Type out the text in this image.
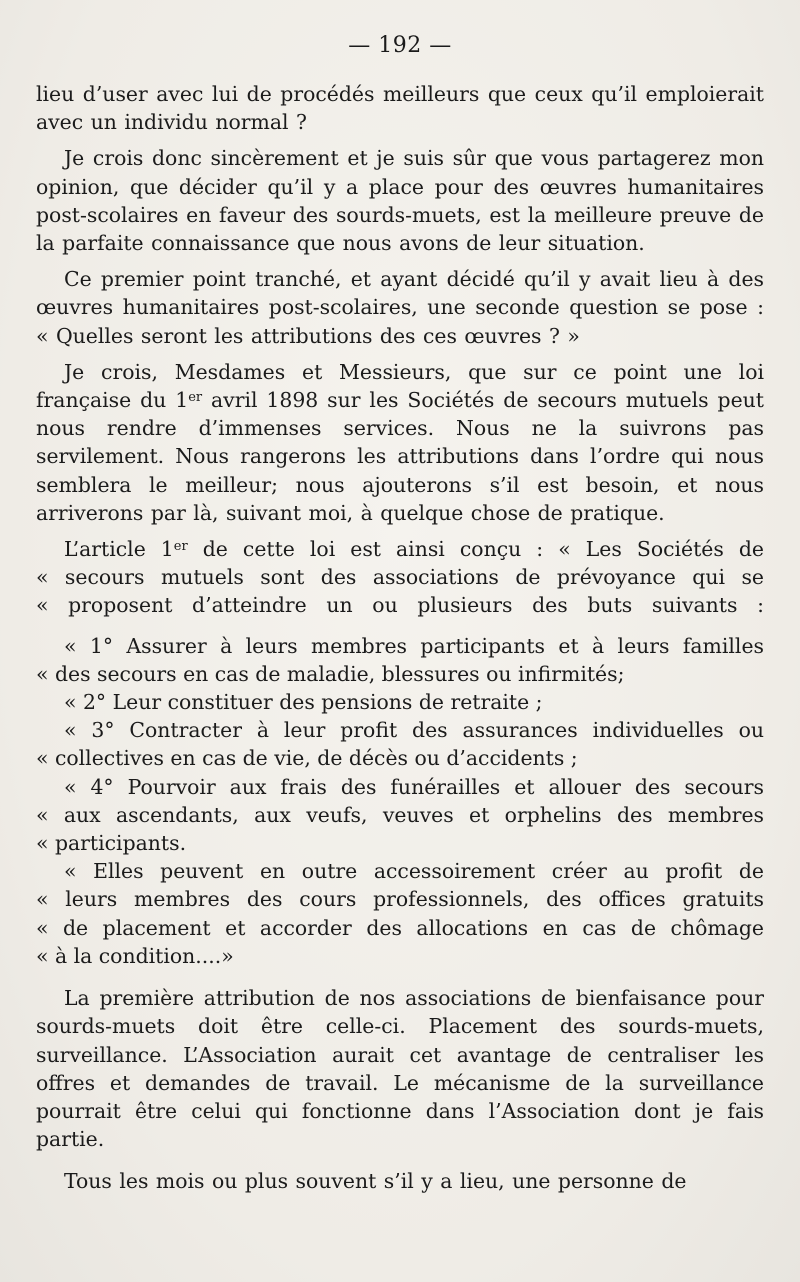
— 192 —

lieu d’user avec lui de procédés meilleurs que ceux qu’il emploierait avec un individu normal ?

Je crois donc sincèrement et je suis sûr que vous partagerez mon opinion, que décider qu’il y a place pour des œuvres humanitaires post-scolaires en faveur des sourds-muets, est la meilleure preuve de la parfaite connaissance que nous avons de leur situation.

Ce premier point tranché, et ayant décidé qu’il y avait lieu à des œuvres humanitaires post-scolaires, une seconde question se pose : « Quelles seront les attributions des ces œuvres ? »

Je crois, Mesdames et Messieurs, que sur ce point une loi française du 1er avril 1898 sur les Sociétés de secours mutuels peut nous rendre d’immenses services. Nous ne la suivrons pas servilement. Nous rangerons les attributions dans l’ordre qui nous semblera le meilleur; nous ajouterons s’il est besoin, et nous arriverons par là, suivant moi, à quelque chose de pratique.

L’article 1er de cette loi est ainsi conçu : « Les Sociétés de

« secours mutuels sont des associations de prévoyance qui se

« proposent d’atteindre un ou plusieurs des buts suivants :

« 1° Assurer à leurs membres participants et à leurs familles

« des secours en cas de maladie, blessures ou infirmités;

« 2° Leur constituer des pensions de retraite ;

« 3° Contracter à leur profit des assurances individuelles ou

« collectives en cas de vie, de décès ou d’accidents ;

« 4° Pourvoir aux frais des funérailles et allouer des secours

« aux ascendants, aux veufs, veuves et orphelins des membres

« participants.

« Elles peuvent en outre accessoirement créer au profit de

« leurs membres des cours professionnels, des offices gratuits

« de placement et accorder des allocations en cas de chômage

« à la condition....»

La première attribution de nos associations de bienfaisance pour sourds-muets doit être celle-ci. Placement des sourds-muets, surveillance. L’Association aurait cet avantage de centraliser les offres et demandes de travail. Le mécanisme de la surveillance pourrait être celui qui fonctionne dans l’Association dont je fais partie.

Tous les mois ou plus souvent s’il y a lieu, une personne de
